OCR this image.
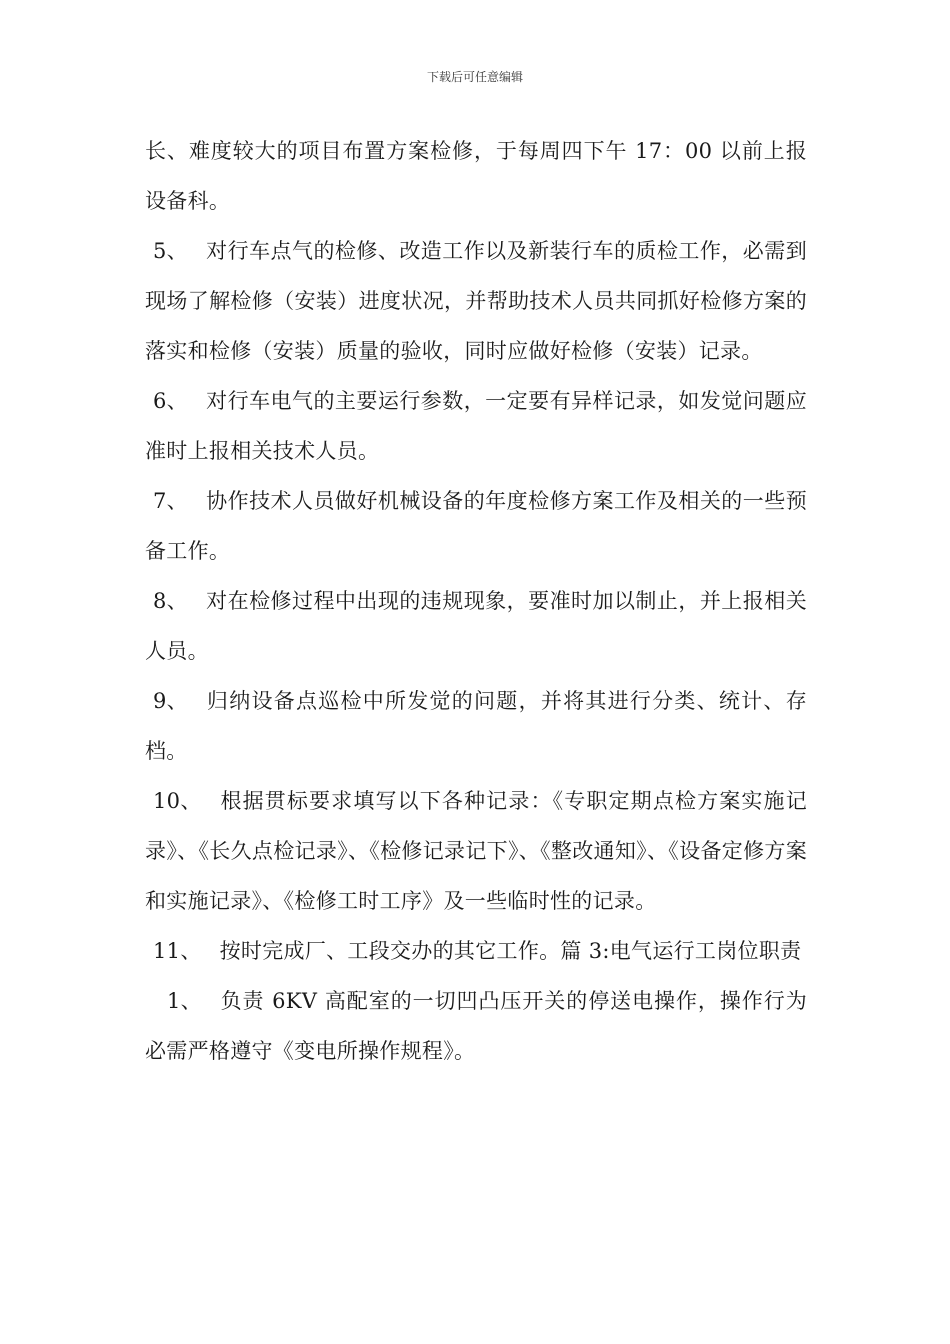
下载后可任意编辑

长、难度较大的项目布置方案检修，于每周四下午 17：00 以前上报设备科。

5、 对行车点气的检修、改造工作以及新装行车的质检工作，必需到现场了解检修（安装）进度状况，并帮助技术人员共同抓好检修方案的落实和检修（安装）质量的验收，同时应做好检修（安装）记录。

6、 对行车电气的主要运行参数，一定要有异样记录，如发觉问题应准时上报相关技术人员。

7、 协作技术人员做好机械设备的年度检修方案工作及相关的一些预备工作。

8、 对在检修过程中出现的违规现象，要准时加以制止，并上报相关人员。

9、 归纳设备点巡检中所发觉的问题，并将其进行分类、统计、存档。

10、 根据贯标要求填写以下各种记录：《专职定期点检方案实施记录》、《长久点检记录》、《检修记录记下》、《整改通知》、《设备定修方案和实施记录》、《检修工时工序》及一些临时性的记录。

11、 按时完成厂、工段交办的其它工作。篇 3:电气运行工岗位职责

1、 负责 6KV 高配室的一切凹凸压开关的停送电操作，操作行为必需严格遵守《变电所操作规程》。
